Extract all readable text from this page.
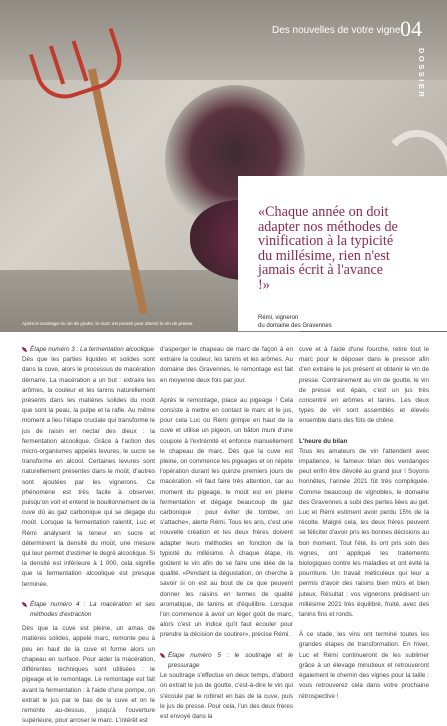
Des nouvelles de votre vigne 04
DOSSIER
Après le soutirage du vin de goutte, le marc est pressé pour obtenir le vin de presse.
«Chaque année on doit adapter nos méthodes de vinification à la typicité du millésime, rien n'est jamais écrit à l'avance !»
Rémi, vigneron
du domaine des Gravennes

Étape numéro 3 : La fermentation alcoolique

Dès que les parties liquides et solides sont dans la cuve, alors le processus de macération démarre. La macération a un but : extraire les arômes, la couleur et les tanins naturellement présents dans les matières solides du moût que sont la peau, la pulpe et la rafle. Au même moment a lieu l'étape cruciale qui transforme le jus de raisin en nectar des dieux : la fermentation alcoolique. Grâce à l'action des micro-organismes appelés levures, le sucre se transforme en alcool. Certaines levures sont naturellement présentes dans le moût, d'autres sont ajoutées par les vignerons. Ce phénomène est très facile à observer, puisqu'on voit et entend le bouillonnement de la cuve dû au gaz carbonique qui se dégage du moût. Lorsque la fermentation ralentit, Luc et Rémi analysent la teneur en sucre et déterminent la densité du moût, une mesure qui leur permet d'estimer le degré alcoolique. Si la densité est inférieure à 1 000, cela signifie que la fermentation alcoolique est presque terminée.

Étape numéro 4 : La macération et ses méthodes d'extraction

Dès que la cuve est pleine, un amas de matières solides, appelé marc, remonte peu à peu en haut de la cuve et forme alors un chapeau en surface. Pour aider la macération, différentes techniques sont utilisées : le pigeage et le remontage. Le remontage est fait avant la fermentation : à l'aide d'une pompe, on extrait le jus par le bas de la cuve et on le remonte au-dessus, jusqu'à l'ouverture supérieure, pour arroser le marc. L'intérêt est

d'asperger le chapeau de marc de façon à en extraire la couleur, les tanins et les arômes. Au domaine des Gravennes, le remontage est fait en moyenne deux fois par jour.

Après le remontage, place au pigeage ! Cela consiste à mettre en contact le marc et le jus, pour cela Luc ou Rémi grimpe en haut de la cuve et utilise un pigeon, un bâton muni d'une coupole à l'extrémité et enfonce manuellement le chapeau de marc. Dès que la cuve est pleine, on commence les pigeages et on répète l'opération durant les quinze premiers jours de macération. «Il faut faire très attention, car au moment du pigeage, le moût est en pleine fermentation et dégage beaucoup de gaz carbonique : pour éviter de tomber, on s'attache», alerte Rémi. Tous les ans, c'est une nouvelle création et les deux frères doivent adapter leurs méthodes en fonction de la typicité du millésime. À chaque étape, ils goûtent le vin afin de se faire une idée de la qualité. «Pendant la dégustation, on cherche à savoir si on est au bout de ce que peuvent donner les raisins en termes de qualité aromatique, de tanins et d'équilibre. Lorsque l'on commence à avoir un léger goût de marc, alors c'est un indice qu'il faut écouler pour prendre la décision de soutirer», précise Rémi.

Étape numéro 5 : le soutirage et le pressurage

Le soutirage s'effectue en deux temps, d'abord on extrait le jus de goutte, c'est-à-dire le vin qui s'écoule par le robinet en bas de la cuve, puis le jus de presse. Pour cela, l'un des deux frères est envoyé dans la

cuve et à l'aide d'une fourche, retire tout le marc pour le déposer dans le pressoir afin d'en extraire le jus présent et obtenir le vin de presse. Contrairement au vin de goutte, le vin de presse est épais, c'est un jus très concentré en arômes et tanins. Les deux types de vin sont assemblés et élevés ensemble dans des fûts de chêne.

L'heure du bilan

Tous les amateurs de vin l'attendent avec impatience, le fameux bilan des vendanges peut enfin être dévoilé au grand jour ! Soyons honnêtes, l'année 2021 fût très compliquée. Comme beaucoup de vignobles, le domaine des Gravennes a subi des pertes liées au gel. Luc et Rémi estiment avoir perdu 15% de la récolte. Malgré cela, les deux frères peuvent se féliciter d'avoir pris les bonnes décisions au bon moment. Tout l'été, ils ont pris soin des vignes, ont appliqué les traitements biologiques contre les maladies et ont évité la pourriture. Un travail méticuleux qui leur a permis d'avoir des raisins bien mûrs et bien juteux. Résultat : vos vignerons prédisent un millésime 2021 très équilibré, fruité, avec des tanins fins et ronds.

À ce stade, les vins ont terminé toutes les grandes étapes de transformation. En hiver, Luc et Rémi continueront de les sublimer grâce à un élevage minutieux et retrouveront également le chemin des vignes pour la taille : vous retrouverez cela dans votre prochaine rétrospective !
